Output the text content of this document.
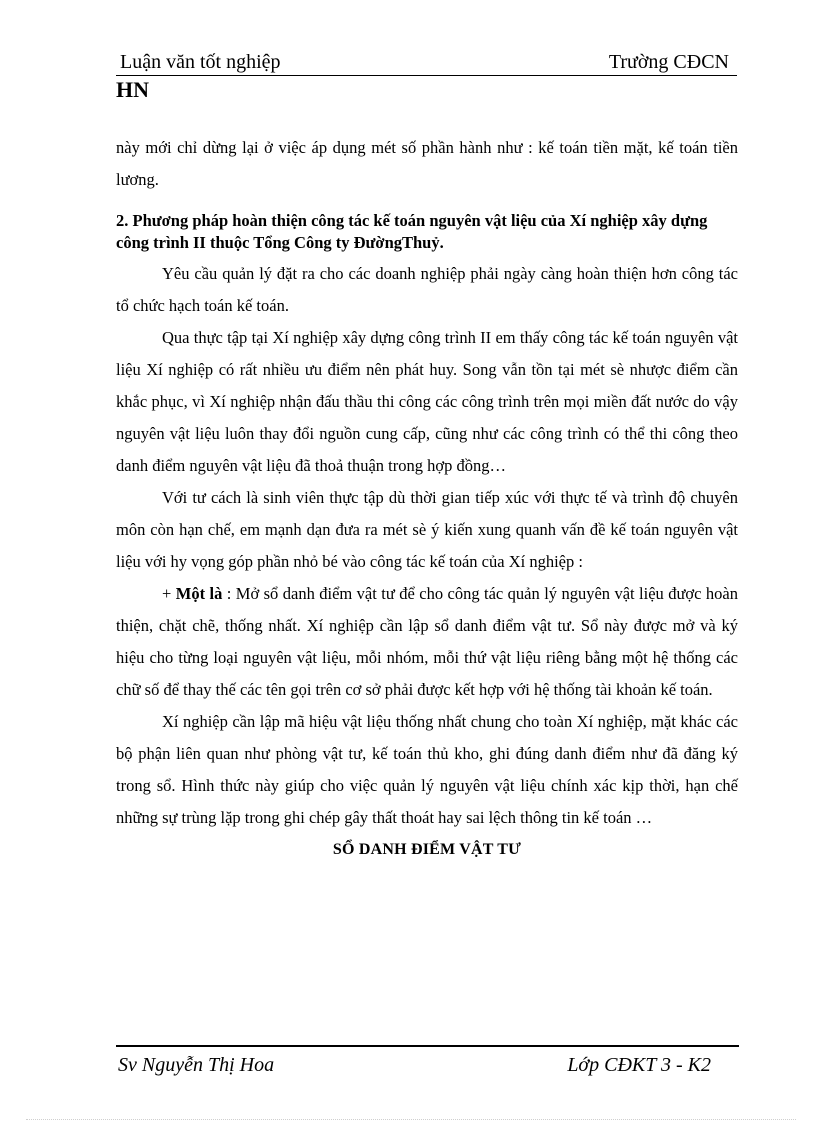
Luận văn tốt nghiệp	Trường CĐCN
HN

này mới chỉ dừng lại ở việc áp dụng mét số phần hành như : kế toán tiền mặt, kế toán tiền lương.

2. Phương pháp hoàn thiện công tác kế toán nguyên vật liệu của Xí nghiệp xây dựng công trình II thuộc Tổng Công ty ĐườngThuỷ.

Yêu cầu quản lý đặt ra cho các doanh nghiệp phải ngày càng hoàn thiện hơn công tác tổ chức hạch toán kế toán.

Qua thực tập tại Xí nghiệp xây dựng công trình II em thấy công tác kế toán nguyên vật liệu Xí nghiệp có rất nhiều ưu điểm nên phát huy. Song vẫn tồn tại mét sè nhược điểm cần khắc phục, vì Xí nghiệp nhận đấu thầu thi công các công trình trên mọi miền đất nước do vậy nguyên vật liệu luôn thay đổi nguồn cung cấp, cũng như các công trình có thể thi công theo danh điểm nguyên vật liệu đã thoả thuận trong hợp đồng…

Với tư cách là sinh viên thực tập dù thời gian tiếp xúc với thực tế và trình độ chuyên môn còn hạn chế, em mạnh dạn đưa ra mét sè ý kiến xung quanh vấn đề kế toán nguyên vật liệu với hy vọng góp phần nhỏ bé vào công tác kế toán của Xí nghiệp :

+ Một là : Mở sổ danh điểm vật tư để cho công tác quản lý nguyên vật liệu được hoàn thiện, chặt chẽ, thống nhất. Xí nghiệp cần lập sổ danh điểm vật tư. Sổ này được mở và ký hiệu cho từng loại nguyên vật liệu, mỗi nhóm, mỗi thứ vật liệu riêng bằng một hệ thống các chữ số để thay thế các tên gọi trên cơ sở phải được kết hợp với hệ thống tài khoản kế toán.

Xí nghiệp cần lập mã hiệu vật liệu thống nhất chung cho toàn Xí nghiệp, mặt khác các bộ phận liên quan như phòng vật tư, kế toán thủ kho, ghi đúng danh điểm như đã đăng ký trong sổ. Hình thức này giúp cho việc quản lý nguyên vật liệu chính xác kịp thời, hạn chế những sự trùng lặp trong ghi chép gây thất thoát hay sai lệch thông tin kế toán …

SỔ DANH ĐIỂM VẬT TƯ

Sv Nguyễn Thị Hoa	Lớp CĐKT 3 - K2
